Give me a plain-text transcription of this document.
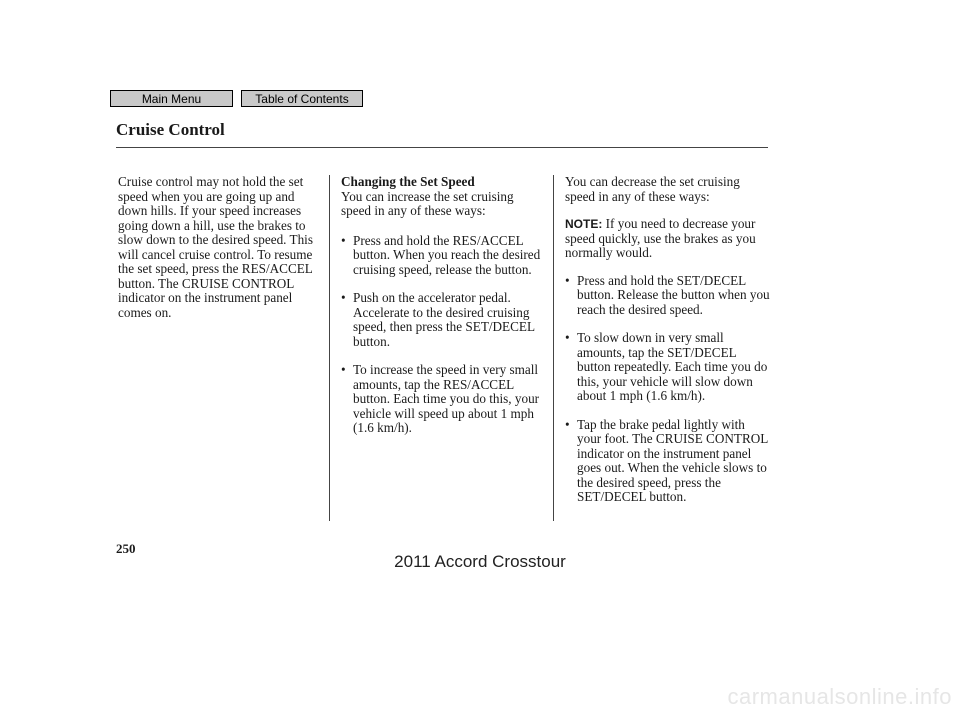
Main Menu	Table of Contents
Cruise Control

Cruise control may not hold the set speed when you are going up and down hills. If your speed increases going down a hill, use the brakes to slow down to the desired speed. This will cancel cruise control. To resume the set speed, press the RES/ACCEL button. The CRUISE CONTROL indicator on the instrument panel comes on.

Changing the Set Speed

You can increase the set cruising speed in any of these ways:

• Press and hold the RES/ACCEL button. When you reach the desired cruising speed, release the button.
• Push on the accelerator pedal. Accelerate to the desired cruising speed, then press the SET/DECEL button.
• To increase the speed in very small amounts, tap the RES/ACCEL button. Each time you do this, your vehicle will speed up about 1 mph (1.6 km/h).

You can decrease the set cruising speed in any of these ways:

NOTE: If you need to decrease your speed quickly, use the brakes as you normally would.

• Press and hold the SET/DECEL button. Release the button when you reach the desired speed.
• To slow down in very small amounts, tap the SET/DECEL button repeatedly. Each time you do this, your vehicle will slow down about 1 mph (1.6 km/h).
• Tap the brake pedal lightly with your foot. The CRUISE CONTROL indicator on the instrument panel goes out. When the vehicle slows to the desired speed, press the SET/DECEL button.
250
2011 Accord Crosstour
carmanualsonline.info
